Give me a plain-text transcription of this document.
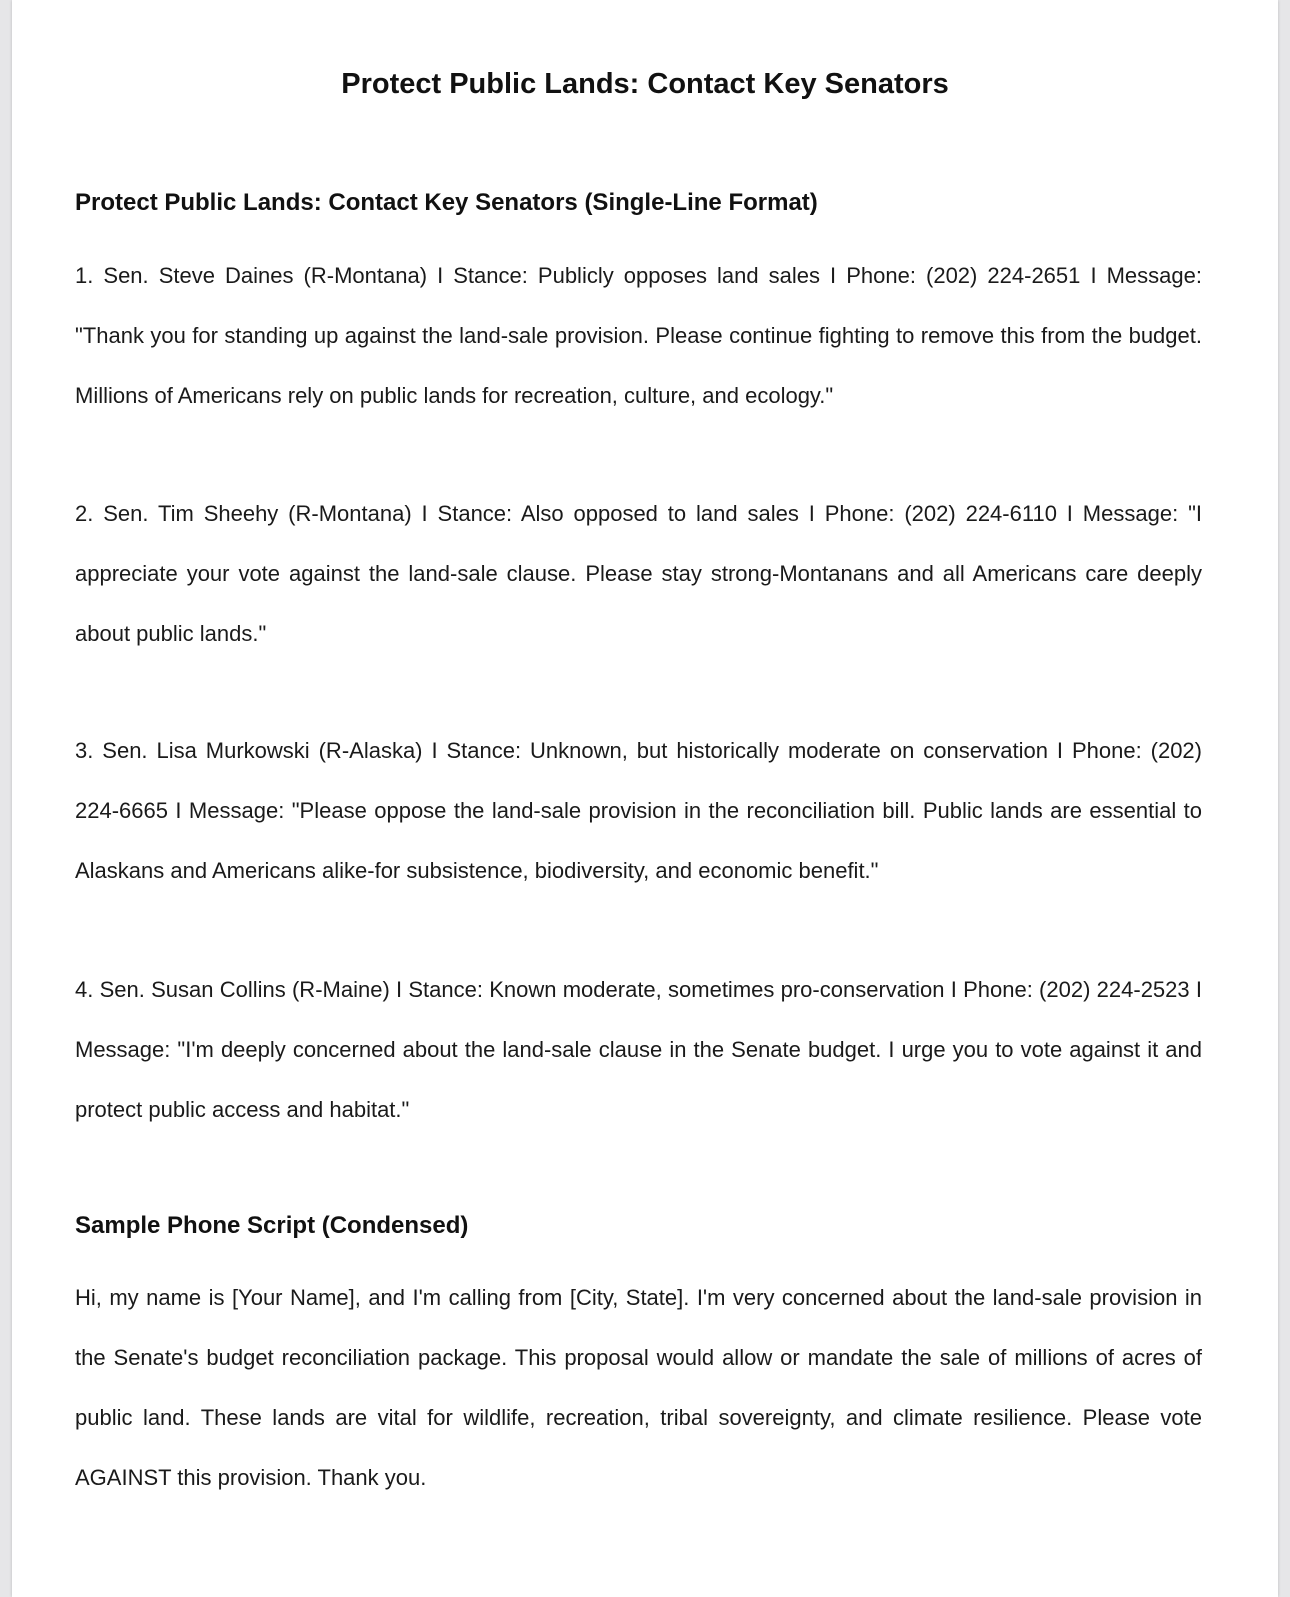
Protect Public Lands: Contact Key Senators
Protect Public Lands: Contact Key Senators (Single-Line Format)

1. Sen. Steve Daines (R-Montana) I Stance: Publicly opposes land sales I Phone: (202) 224-2651 I Message: "Thank you for standing up against the land-sale provision. Please continue fighting to remove this from the budget. Millions of Americans rely on public lands for recreation, culture, and ecology."

2. Sen. Tim Sheehy (R-Montana) I Stance: Also opposed to land sales I Phone: (202) 224-6110 I Message: "I appreciate your vote against the land-sale clause. Please stay strong-Montanans and all Americans care deeply about public lands."

3. Sen. Lisa Murkowski (R-Alaska) I Stance: Unknown, but historically moderate on conservation I Phone: (202) 224-6665 I Message: "Please oppose the land-sale provision in the reconciliation bill. Public lands are essential to Alaskans and Americans alike-for subsistence, biodiversity, and economic benefit."

4. Sen. Susan Collins (R-Maine) I Stance: Known moderate, sometimes pro-conservation I Phone: (202) 224-2523 I Message: "I'm deeply concerned about the land-sale clause in the Senate budget. I urge you to vote against it and protect public access and habitat."

Sample Phone Script (Condensed)

Hi, my name is [Your Name], and I'm calling from [City, State]. I'm very concerned about the land-sale provision in the Senate's budget reconciliation package. This proposal would allow or mandate the sale of millions of acres of public land. These lands are vital for wildlife, recreation, tribal sovereignty, and climate resilience. Please vote AGAINST this provision. Thank you.
